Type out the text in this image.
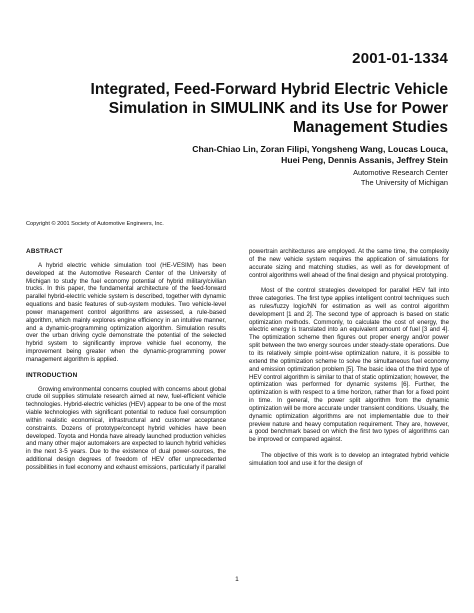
2001-01-1334
Integrated, Feed-Forward Hybrid Electric Vehicle
Simulation in SIMULINK and its Use for Power
Management Studies
Chan-Chiao Lin, Zoran Filipi, Yongsheng Wang, Loucas Louca,
Huei Peng, Dennis Assanis, Jeffrey Stein
Automotive Research Center
The University of Michigan
Copyright © 2001 Society of Automotive Engineers, Inc.
ABSTRACT

A hybrid electric vehicle simulation tool (HE-VESIM) has been developed at the Automotive Research Center of the University of Michigan to study the fuel economy potential of hybrid military/civilian trucks. In this paper, the fundamental architecture of the feed-forward parallel hybrid-electric vehicle system is described, together with dynamic equations and basic features of sub-system modules. Two vehicle-level power management control algorithms are assessed, a rule-based algorithm, which mainly explores engine efficiency in an intuitive manner, and a dynamic-programming optimization algorithm. Simulation results over the urban driving cycle demonstrate the potential of the selected hybrid system to significantly improve vehicle fuel economy, the improvement being greater when the dynamic-programming power management algorithm is applied.

INTRODUCTION

Growing environmental concerns coupled with concerns about global crude oil supplies stimulate research aimed at new, fuel-efficient vehicle technologies. Hybrid-electric vehicles (HEV) appear to be one of the most viable technologies with significant potential to reduce fuel consumption within realistic economical, infrastructural and customer acceptance constraints. Dozens of prototype/concept hybrid vehicles have been developed. Toyota and Honda have already launched production vehicles and many other major automakers are expected to launch hybrid vehicles in the next 3-5 years. Due to the existence of dual power-sources, the additional design degrees of freedom of HEV offer unprecedented possibilities in fuel economy and exhaust emissions, particularly if parallel

powertrain architectures are employed. At the same time, the complexity of the new vehicle system requires the application of simulations for accurate sizing and matching studies, as well as for development of control algorithms well ahead of the final design and physical prototyping.

Most of the control strategies developed for parallel HEV fall into three categories. The first type applies intelligent control techniques such as rules/fuzzy logic/NN for estimation as well as control algorithm development [1 and 2]. The second type of approach is based on static optimization methods. Commonly, to calculate the cost of energy, the electric energy is translated into an equivalent amount of fuel [3 and 4]. The optimization scheme then figures out proper energy and/or power split between the two energy sources under steady-state operations. Due to its relatively simple point-wise optimization nature, it is possible to extend the optimization scheme to solve the simultaneous fuel economy and emission optimization problem [5]. The basic idea of the third type of HEV control algorithm is similar to that of static optimization; however, the optimization was performed for dynamic systems [6]. Further, the optimization is with respect to a time horizon, rather than for a fixed point in time. In general, the power split algorithm from the dynamic optimization will be more accurate under transient conditions. Usually, the dynamic optimization algorithms are not implementable due to their preview nature and heavy computation requirement. They are, however, a good benchmark based on which the first two types of algorithms can be improved or compared against.

The objective of this work is to develop an integrated hybrid vehicle simulation tool and use it for the design of

1
